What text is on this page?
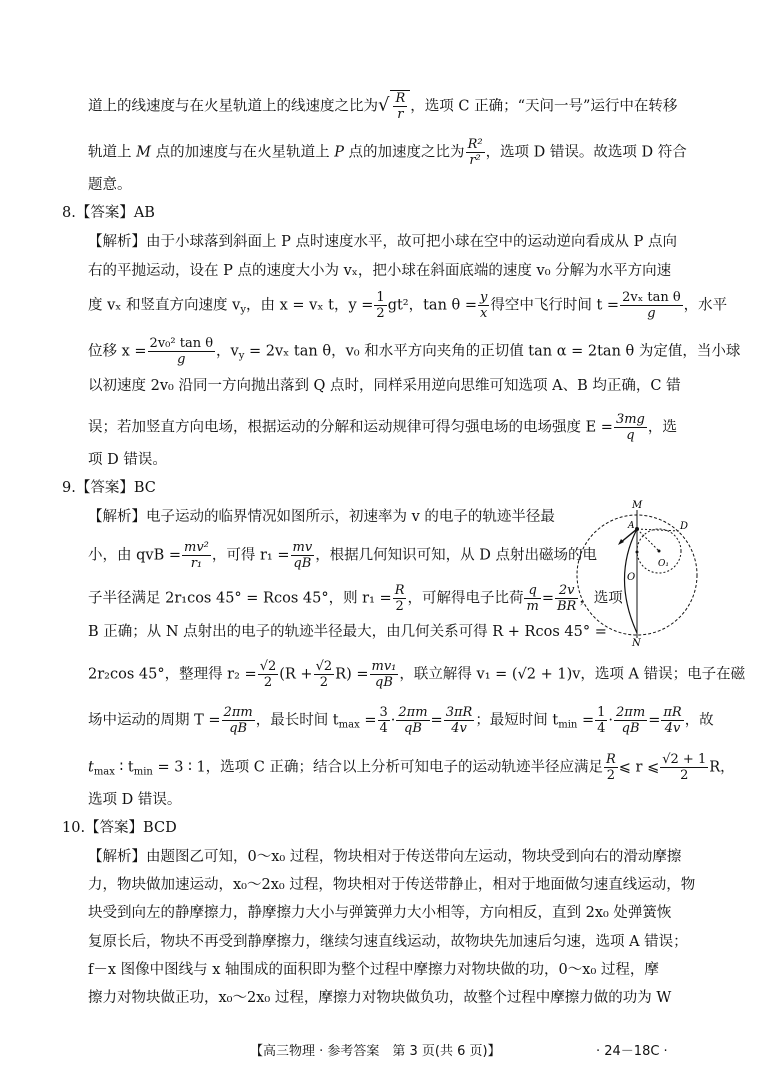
道上的线速度与在火星轨道上的线速度之比为√ $\frac{R}{r}$ ，选项 C 正确；“天问一号”运行中在转移
轨道上 M 点的加速度与在火星轨道上 P 点的加速度之比为 $\frac{\text{R²}}{\text{r²}}$ ，选项 D 错误。故选项 D 符合
题意。
8.【答案】AB
【解析】由于小球落到斜面上 P 点时速度水平，故可把小球在空中的运动逆向看成从 P 点向
右的平抛运动，设在 P 点的速度大小为 vₓ，把小球在斜面底端的速度 v₀ 分解为水平方向速
度 vₓ 和竖直方向速度 $v_y$，由 x = vₓ t，$y = \frac{1}{2} gt^2$，$\tan \theta = \frac{y}{x}$ 得空中飞行时间 $t = \frac{\text{2vₓ tan θ}}{g}$ ，水平
位移 $x = \frac{\text{2v₀² tan θ}}{g}$ ，$v_y = 2v_x$ tan θ，v₀ 和水平方向夹角的正切值 tan α = 2tan θ 为定值，当小球
以初速度 2v₀ 沿同一方向抛出落到 Q 点时，同样采用逆向思维可知选项 A、B 均正确，C 错
误；若加竖直方向电场，根据运动的分解和运动规律可得匀强电场的电场强度 $E = \frac{3mg}{q}$ ，选
项 D 错误。
9.【答案】BC
【解析】电子运动的临界情况如图所示，初速率为 v 的电子的轨迹半径最
小，由 qvB = $\frac{\text{mv²}}{\text{r₁}}$ ，可得 $r_1 = \frac{mv}{qB}$ ，根据几何知识可知，从 D 点射出磁场的电
子半径满足 2r₁cos 45° = Rcos 45°，则 $r_1 = \frac{R}{2}$ ，可解得电子比荷 $\frac{q}{m} = \frac{2v}{BR}$ ，选项
B 正确；从 N 点射出的电子的轨迹半径最大，由几何关系可得 R + Rcos 45° =
2r₂cos 45°，整理得 $r_2 = \frac{√2}{2} (R + \frac{√2}{2} R) = \frac{\text{mv₁}}{qB}$ ，联立解得 v₁ = (√2 + 1)v，选项 A 错误；电子在磁
场中运动的周期 $T = \frac{2\pi m}{qB}$ ，最长时间 $t_{max} = \frac{3}{4} \cdot \frac{2\pi m}{qB} = \frac{3\pi R}{4v}$ ；最短时间 $t_{min} = \frac{1}{4} \cdot \frac{2\pi m}{qB} = \frac{\pi R}{4v}$ ，故
$t_{max}$ ∶ $t_{min} = 3$ ∶ 1，选项 C 正确；结合以上分析可知电子的运动轨迹半径应满足 $\frac{R}{2}$ ⩽ r ⩽ $\frac{√2 + 1}{2}$ R，
选项 D 错误。
M
A	D
O₁
O
N
10.【答案】BCD
【解析】由题图乙可知，0～x₀ 过程，物块相对于传送带向左运动，物块受到向右的滑动摩擦
力，物块做加速运动，x₀～2x₀ 过程，物块相对于传送带静止，相对于地面做匀速直线运动，物
块受到向左的静摩擦力，静摩擦力大小与弹簧弹力大小相等，方向相反，直到 2x₀ 处弹簧恢
复原长后，物块不再受到静摩擦力，继续匀速直线运动，故物块先加速后匀速，选项 A 错误；
f－x 图像中图线与 x 轴围成的面积即为整个过程中摩擦力对物块做的功，0～x₀ 过程，摩
擦力对物块做正功，x₀～2x₀ 过程，摩擦力对物块做负功，故整个过程中摩擦力做的功为 W
【高三物理 · 参考答案　第 3 页(共 6 页)】	· 24－18C ·
